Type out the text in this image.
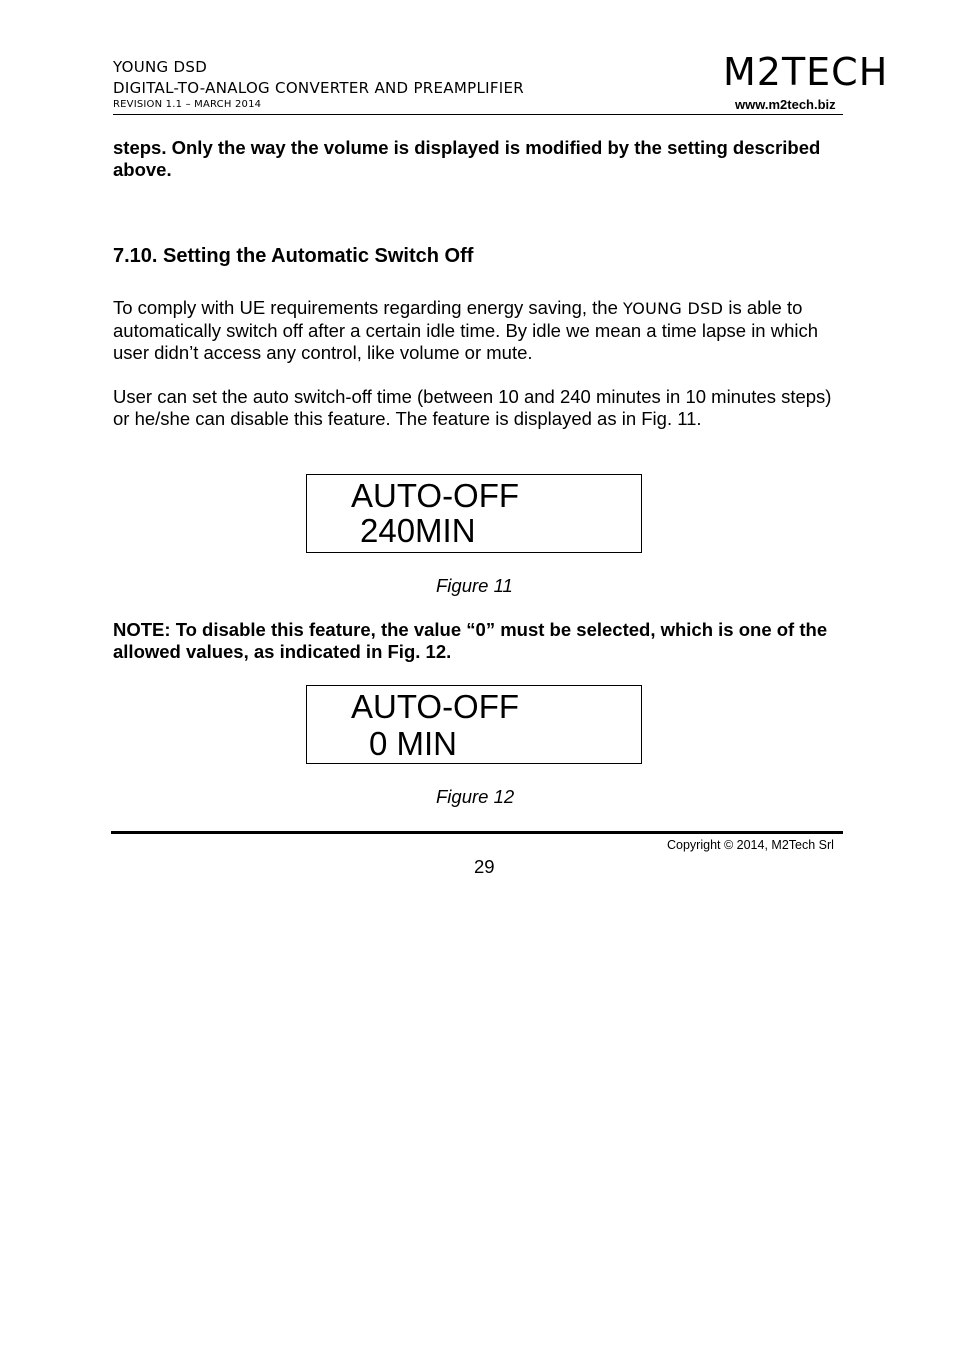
YOUNG DSD
DIGITAL-TO-ANALOG CONVERTER AND PREAMPLIFIER
REVISION 1.1 – MARCH 2014
M2TECH
www.m2tech.biz
steps. Only the way the volume is displayed is modified by the setting described above.
7.10. Setting the Automatic Switch Off
To comply with UE requirements regarding energy saving, the YOUNG DSD is able to automatically switch off after a certain idle time. By idle we mean a time lapse in which user didn’t access any control, like volume or mute.
User can set the auto switch-off time (between 10 and 240 minutes in 10 minutes steps) or he/she can disable this feature. The feature is displayed as in Fig. 11.
AUTO-OFF
240MIN
Figure 11
NOTE: To disable this feature, the value “0” must be selected, which is one of the allowed values, as indicated in Fig. 12.
AUTO-OFF
0 MIN
Figure 12
Copyright © 2014, M2Tech Srl
29
